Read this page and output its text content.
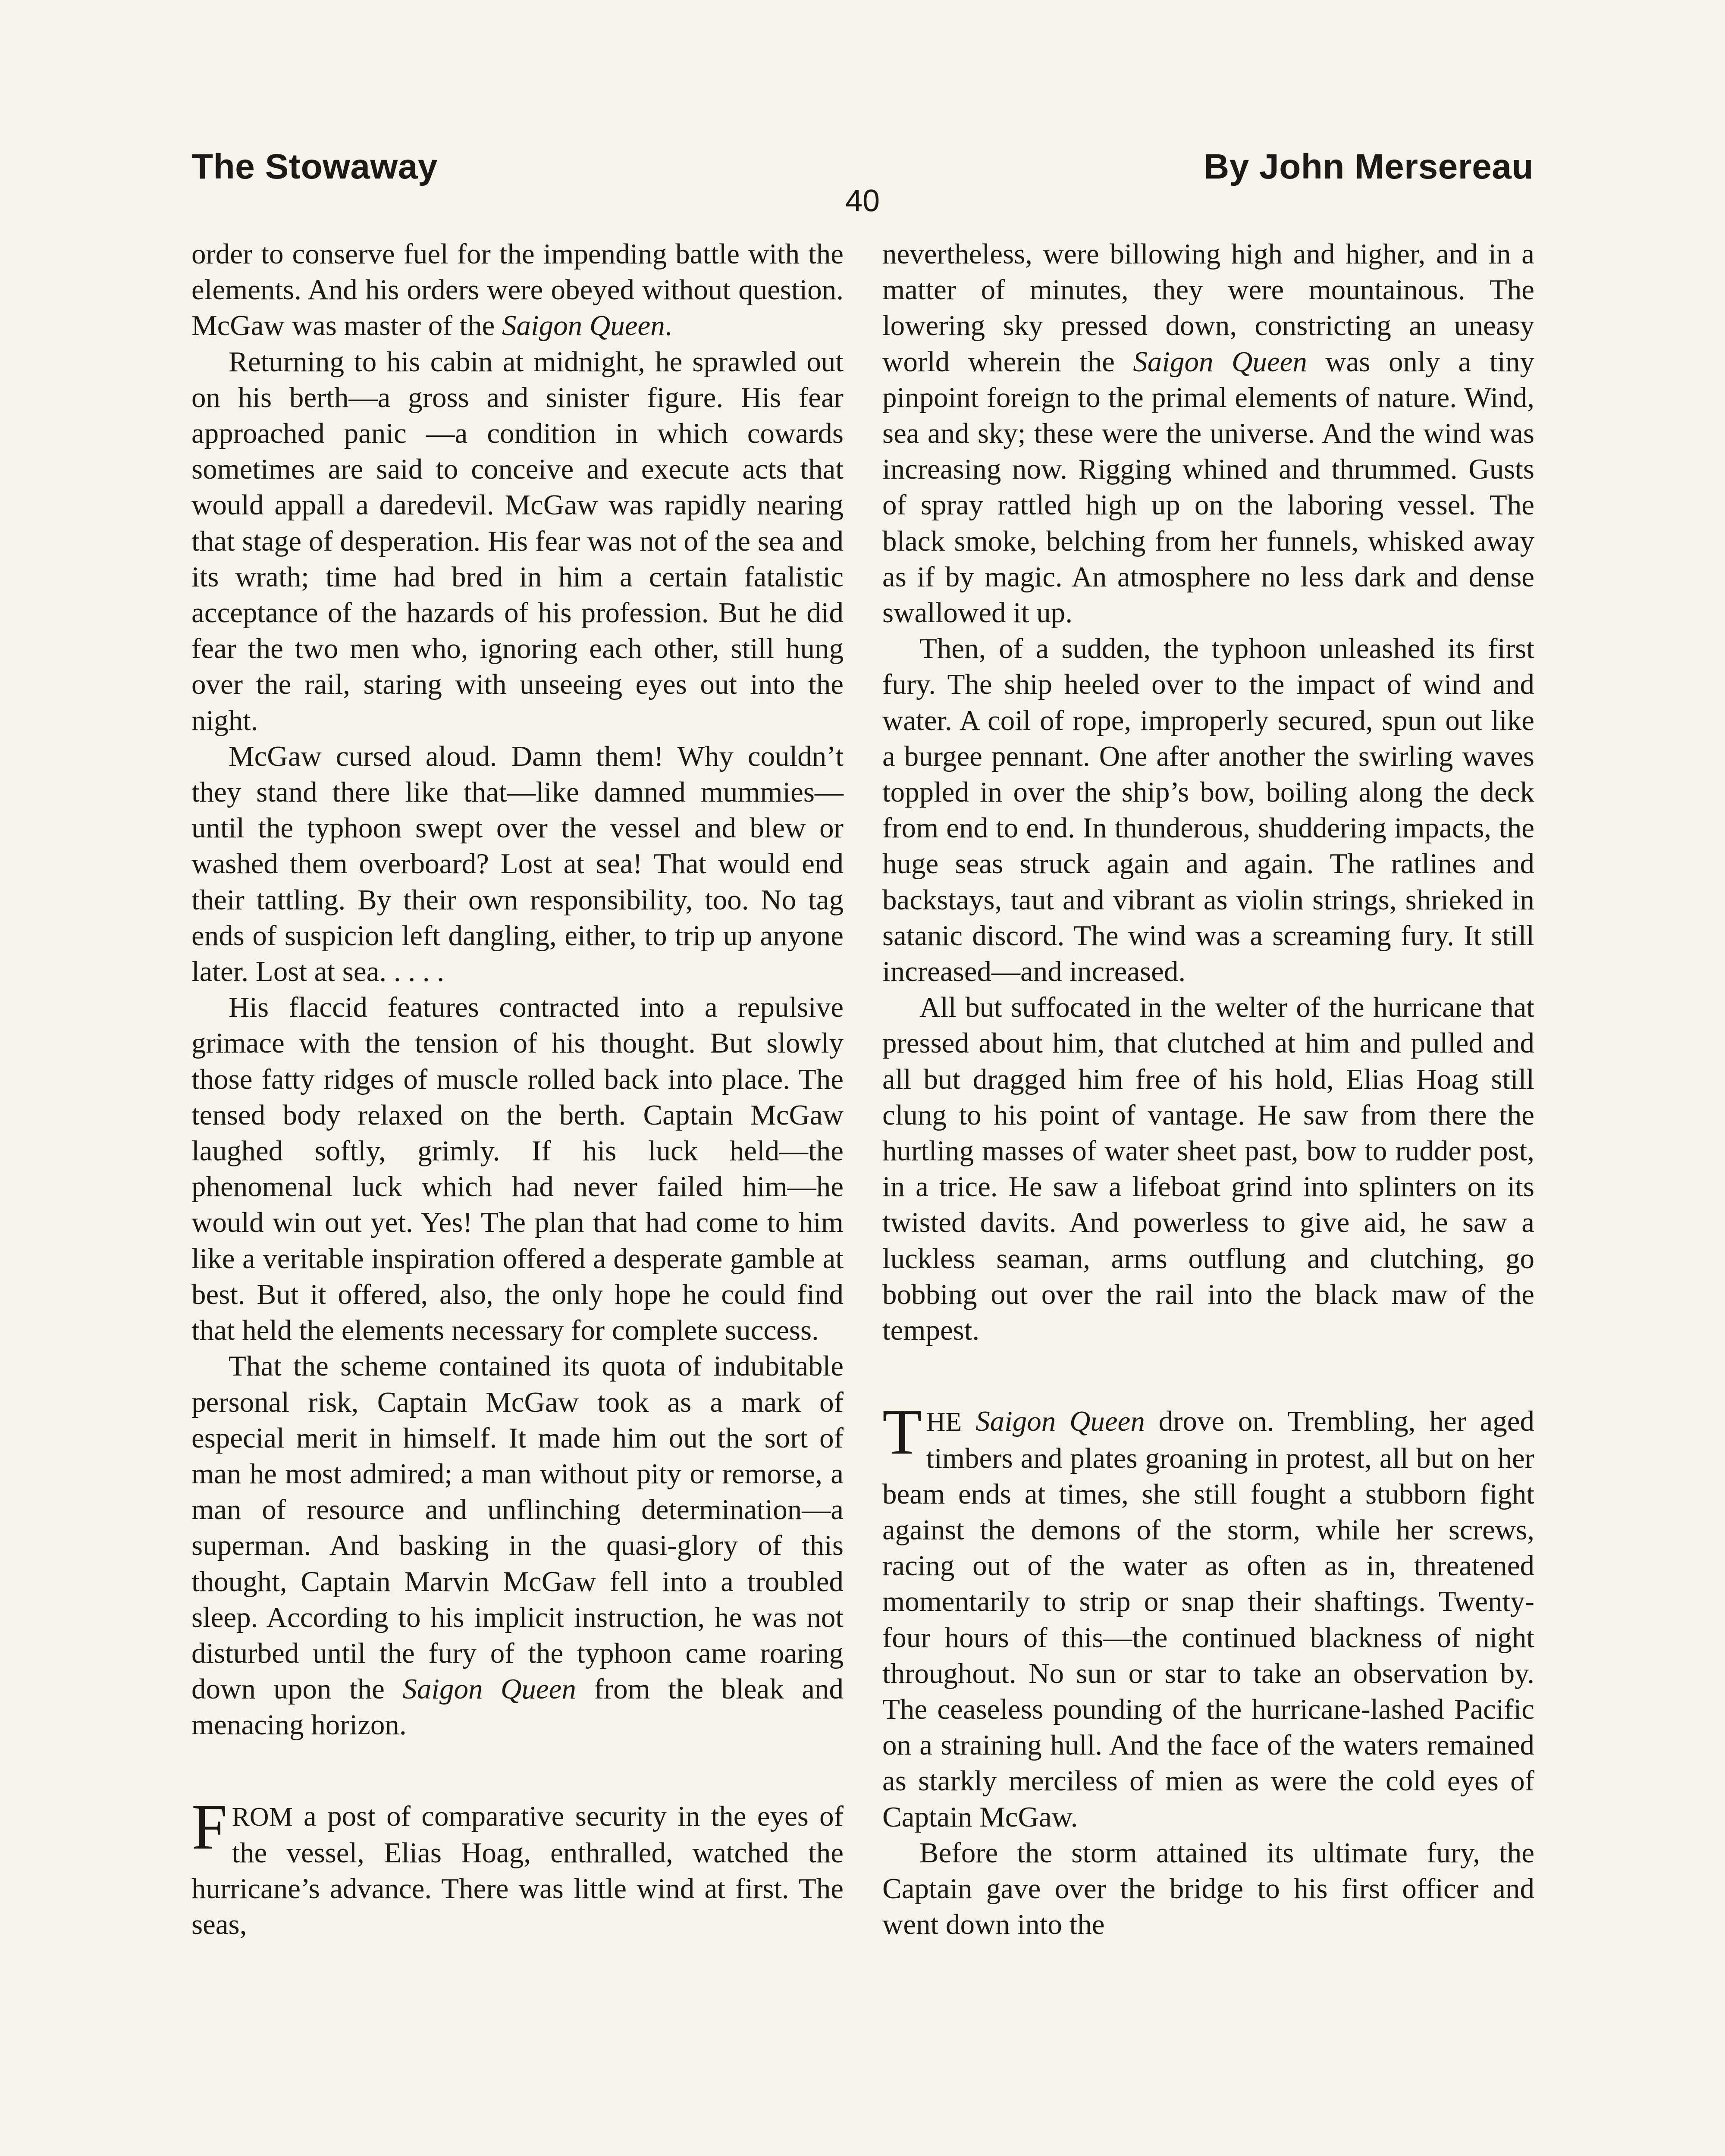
The Stowaway	By John Mersereau
40

order to conserve fuel for the impending battle with the elements. And his orders were obeyed without question. McGaw was master of the Saigon Queen.

Returning to his cabin at midnight, he sprawled out on his berth—a gross and sinister figure. His fear approached panic —a condition in which cowards sometimes are said to conceive and execute acts that would appall a daredevil. McGaw was rapidly nearing that stage of desperation. His fear was not of the sea and its wrath; time had bred in him a certain fatalistic acceptance of the hazards of his profession. But he did fear the two men who, ignoring each other, still hung over the rail, staring with unseeing eyes out into the night.

McGaw cursed aloud. Damn them! Why couldn’t they stand there like that—like damned mummies—until the typhoon swept over the vessel and blew or washed them overboard? Lost at sea! That would end their tattling. By their own responsibility, too. No tag ends of suspicion left dangling, either, to trip up anyone later. Lost at sea. . . . .

His flaccid features contracted into a repulsive grimace with the tension of his thought. But slowly those fatty ridges of muscle rolled back into place. The tensed body relaxed on the berth. Captain McGaw laughed softly, grimly. If his luck held—the phenomenal luck which had never failed him—he would win out yet. Yes! The plan that had come to him like a veritable inspiration offered a desperate gamble at best. But it offered, also, the only hope he could find that held the elements necessary for complete success.

That the scheme contained its quota of indubitable personal risk, Captain McGaw took as a mark of especial merit in himself. It made him out the sort of man he most admired; a man without pity or remorse, a man of resource and unflinching determination—a superman. And basking in the quasi-glory of this thought, Captain Marvin McGaw fell into a troubled sleep. According to his implicit instruction, he was not disturbed until the fury of the typhoon came roaring down upon the Saigon Queen from the bleak and menacing horizon.

FROM a post of comparative security in the eyes of the vessel, Elias Hoag, enthralled, watched the hurricane’s advance. There was little wind at first. The seas,

nevertheless, were billowing high and higher, and in a matter of minutes, they were mountainous. The lowering sky pressed down, constricting an uneasy world wherein the Saigon Queen was only a tiny pinpoint foreign to the primal elements of nature. Wind, sea and sky; these were the universe. And the wind was increasing now. Rigging whined and thrummed. Gusts of spray rattled high up on the laboring vessel. The black smoke, belching from her funnels, whisked away as if by magic. An atmosphere no less dark and dense swallowed it up.

Then, of a sudden, the typhoon unleashed its first fury. The ship heeled over to the impact of wind and water. A coil of rope, improperly secured, spun out like a burgee pennant. One after another the swirling waves toppled in over the ship’s bow, boiling along the deck from end to end. In thunderous, shuddering impacts, the huge seas struck again and again. The ratlines and backstays, taut and vibrant as violin strings, shrieked in satanic discord. The wind was a screaming fury. It still increased—and increased.

All but suffocated in the welter of the hurricane that pressed about him, that clutched at him and pulled and all but dragged him free of his hold, Elias Hoag still clung to his point of vantage. He saw from there the hurtling masses of water sheet past, bow to rudder post, in a trice. He saw a lifeboat grind into splinters on its twisted davits. And powerless to give aid, he saw a luckless seaman, arms outflung and clutching, go bobbing out over the rail into the black maw of the tempest.

THE Saigon Queen drove on. Trembling, her aged timbers and plates groaning in protest, all but on her beam ends at times, she still fought a stubborn fight against the demons of the storm, while her screws, racing out of the water as often as in, threatened momentarily to strip or snap their shaftings. Twenty-four hours of this—the continued blackness of night throughout. No sun or star to take an observation by. The ceaseless pounding of the hurricane-lashed Pacific on a straining hull. And the face of the waters remained as starkly merciless of mien as were the cold eyes of Captain McGaw.

Before the storm attained its ultimate fury, the Captain gave over the bridge to his first officer and went down into the
